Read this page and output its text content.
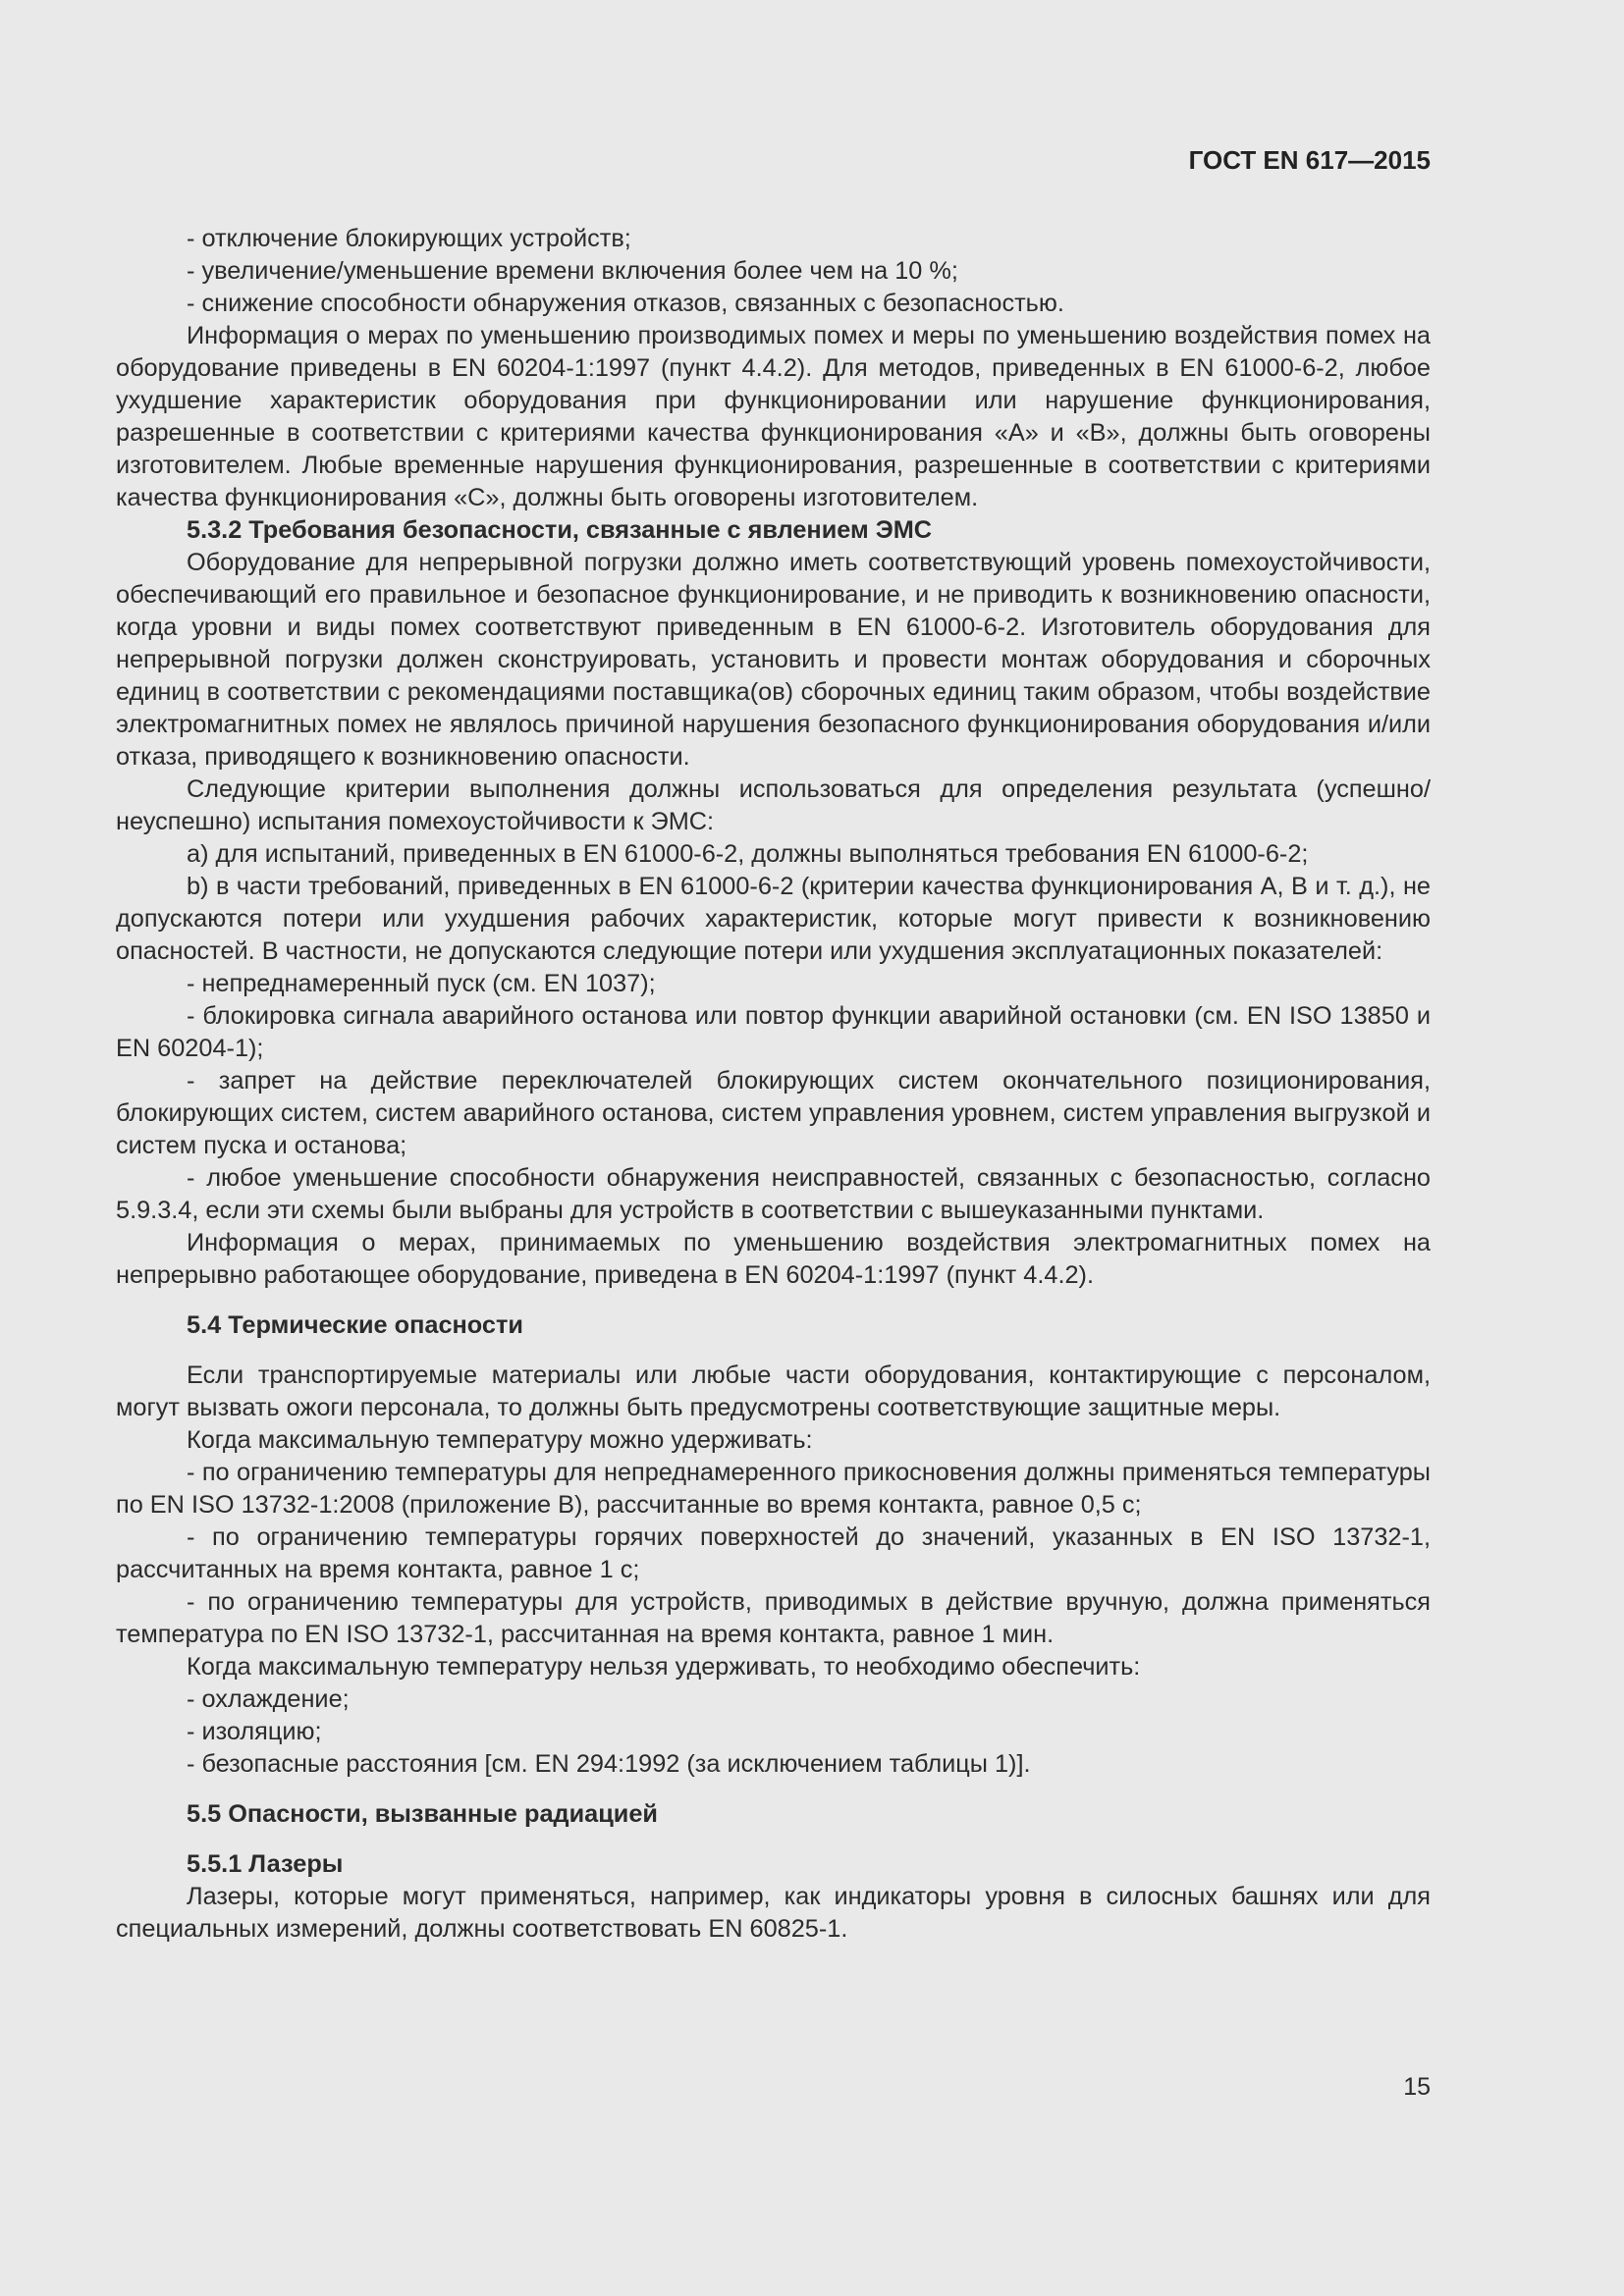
ГОСТ EN 617—2015

- отключение блокирующих устройств;

- увеличение/уменьшение времени включения более чем на 10 %;

- снижение способности обнаружения отказов, связанных с безопасностью.

Информация о мерах по уменьшению производимых помех и меры по уменьшению воздействия помех на оборудование приведены в EN 60204-1:1997 (пункт 4.4.2). Для методов, приведенных в EN 61000-6-2, любое ухудшение характеристик оборудования при функционировании или нарушение функционирования, разрешенные в соответствии с критериями качества функционирования «А» и «В», должны быть оговорены изготовителем. Любые временные нарушения функционирования, разрешенные в соответствии с критериями качества функционирования «С», должны быть оговорены изготовителем.

5.3.2 Требования безопасности, связанные с явлением ЭМС

Оборудование для непрерывной погрузки должно иметь соответствующий уровень помехоустойчивости, обеспечивающий его правильное и безопасное функционирование, и не приводить к возникновению опасности, когда уровни и виды помех соответствуют приведенным в EN 61000-6-2. Изготовитель оборудования для непрерывной погрузки должен сконструировать, установить и провести монтаж оборудования и сборочных единиц в соответствии с рекомендациями поставщика(ов) сборочных единиц таким образом, чтобы воздействие электромагнитных помех не являлось причиной нарушения безопасного функционирования оборудования и/или отказа, приводящего к возникновению опасности.

Следующие критерии выполнения должны использоваться для определения результата (успешно/неуспешно) испытания помехоустойчивости к ЭМС:

a) для испытаний, приведенных в EN 61000-6-2, должны выполняться требования EN 61000-6-2;

b) в части требований, приведенных в EN 61000-6-2 (критерии качества функционирования А, В и т. д.), не допускаются потери или ухудшения рабочих характеристик, которые могут привести к возникновению опасностей. В частности, не допускаются следующие потери или ухудшения эксплуатационных показателей:

- непреднамеренный пуск (см. EN 1037);

- блокировка сигнала аварийного останова или повтор функции аварийной остановки (см. EN ISO 13850 и EN 60204-1);

- запрет на действие переключателей блокирующих систем окончательного позиционирования, блокирующих систем, систем аварийного останова, систем управления уровнем, систем управления выгрузкой и систем пуска и останова;

- любое уменьшение способности обнаружения неисправностей, связанных с безопасностью, согласно 5.9.3.4, если эти схемы были выбраны для устройств в соответствии с вышеуказанными пунктами.

Информация о мерах, принимаемых по уменьшению воздействия электромагнитных помех на непрерывно работающее оборудование, приведена в EN 60204-1:1997 (пункт 4.4.2).

5.4 Термические опасности

Если транспортируемые материалы или любые части оборудования, контактирующие с персоналом, могут вызвать ожоги персонала, то должны быть предусмотрены соответствующие защитные меры.

Когда максимальную температуру можно удерживать:

- по ограничению температуры для непреднамеренного прикосновения должны применяться температуры по EN ISO 13732-1:2008 (приложение В), рассчитанные во время контакта, равное 0,5 с;

- по ограничению температуры горячих поверхностей до значений, указанных в EN ISO 13732-1, рассчитанных на время контакта, равное 1 с;

- по ограничению температуры для устройств, приводимых в действие вручную, должна применяться температура по EN ISO 13732-1, рассчитанная на время контакта, равное 1 мин.

Когда максимальную температуру нельзя удерживать, то необходимо обеспечить:

- охлаждение;

- изоляцию;

- безопасные расстояния [см. EN 294:1992 (за исключением таблицы 1)].

5.5 Опасности, вызванные радиацией

5.5.1 Лазеры

Лазеры, которые могут применяться, например, как индикаторы уровня в силосных башнях или для специальных измерений, должны соответствовать EN 60825-1.

15
